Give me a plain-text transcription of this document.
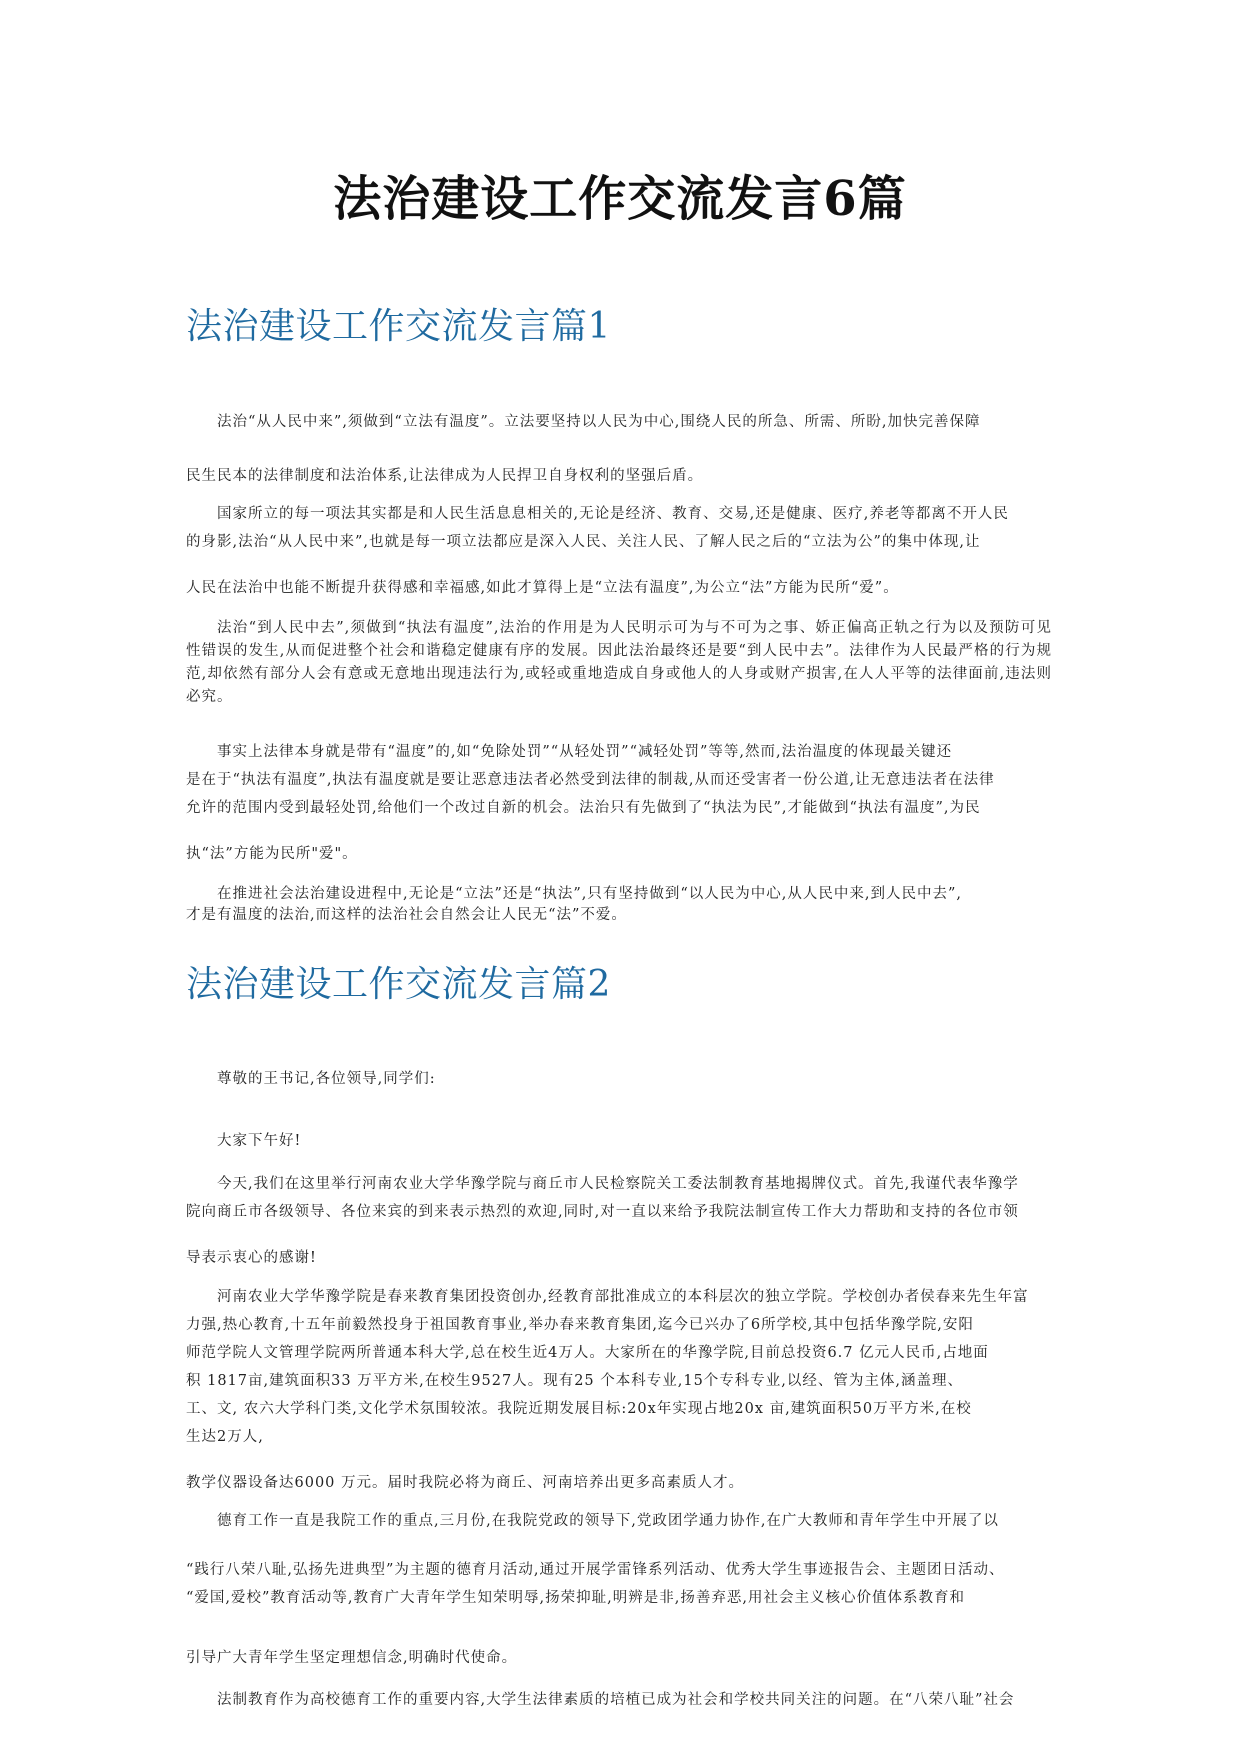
法治建设工作交流发言6篇
法治建设工作交流发言篇1
法治“从人民中来”,须做到“立法有温度”。立法要坚持以人民为中心,围绕人民的所急、所需、所盼,加快完善保障
民生民本的法律制度和法治体系,让法律成为人民捍卫自身权利的坚强后盾。
国家所立的每一项法其实都是和人民生活息息相关的,无论是经济、教育、交易,还是健康、医疗,养老等都离不开人民
的身影,法治“从人民中来”,也就是每一项立法都应是深入人民、关注人民、了解人民之后的“立法为公”的集中体现,让
人民在法治中也能不断提升获得感和幸福感,如此才算得上是“立法有温度”,为公立“法”方能为民所“爱”。
法治“到人民中去”,须做到“执法有温度”,法治的作用是为人民明示可为与不可为之事、娇正偏高正轨之行为以及预防可见性错误的发生,从而促进整个社会和谐稳定健康有序的发展。因此法治最终还是要“到人民中去”。法律作为人民最严格的行为规范,却依然有部分人会有意或无意地出现违法行为,或轻或重地造成自身或他人的人身或财产损害,在人人平等的法律面前,违法则必究。
事实上法律本身就是带有“温度”的,如“免除处罚”“从轻处罚”“减轻处罚”等等,然而,法治温度的体现最关键还
是在于“执法有温度”,执法有温度就是要让恶意违法者必然受到法律的制裁,从而还受害者一份公道,让无意违法者在法律
允许的范围内受到最轻处罚,给他们一个改过自新的机会。法治只有先做到了“执法为民”,才能做到“执法有温度”,为民
执“法”方能为民所"爱"。
在推进社会法治建设进程中,无论是“立法”还是“执法”,只有坚持做到“以人民为中心,从人民中来,到人民中去”,
才是有温度的法治,而这样的法治社会自然会让人民无“法”不爱。
法治建设工作交流发言篇2
尊敬的王书记,各位领导,同学们:
大家下午好!
今天,我们在这里举行河南农业大学华豫学院与商丘市人民检察院关工委法制教育基地揭牌仪式。首先,我谨代表华豫学
院向商丘市各级领导、各位来宾的到来表示热烈的欢迎,同时,对一直以来给予我院法制宣传工作大力帮助和支持的各位市领
导表示衷心的感谢!
河南农业大学华豫学院是春来教育集团投资创办,经教育部批准成立的本科层次的独立学院。学校创办者侯春来先生年富
力强,热心教育,十五年前毅然投身于祖国教育事业,举办春来教育集团,迄今已兴办了6所学校,其中包括华豫学院,安阳
师范学院人文管理学院两所普通本科大学,总在校生近4万人。大家所在的华豫学院,目前总投资6.7 亿元人民币,占地面
积 1817亩,建筑面积33 万平方米,在校生9527人。现有25 个本科专业,15个专科专业,以经、管为主体,涵盖理、
工、文, 农六大学科门类,文化学术氛围较浓。我院近期发展目标:20x年实现占地20x 亩,建筑面积50万平方米,在校
生达2万人,
教学仪器设备达6000 万元。届时我院必将为商丘、河南培养出更多高素质人才。
德育工作一直是我院工作的重点,三月份,在我院党政的领导下,党政团学通力协作,在广大教师和青年学生中开展了以
“践行八荣八耻,弘扬先进典型”为主题的德育月活动,通过开展学雷锋系列活动、优秀大学生事迹报告会、主题团日活动、
“爱国,爱校”教育活动等,教育广大青年学生知荣明辱,扬荣抑耻,明辨是非,扬善弃恶,用社会主义核心价值体系教育和
引导广大青年学生坚定理想信念,明确时代使命。
法制教育作为高校德育工作的重要内容,大学生法律素质的培植已成为社会和学校共同关注的问题。在“八荣八耻”社会
